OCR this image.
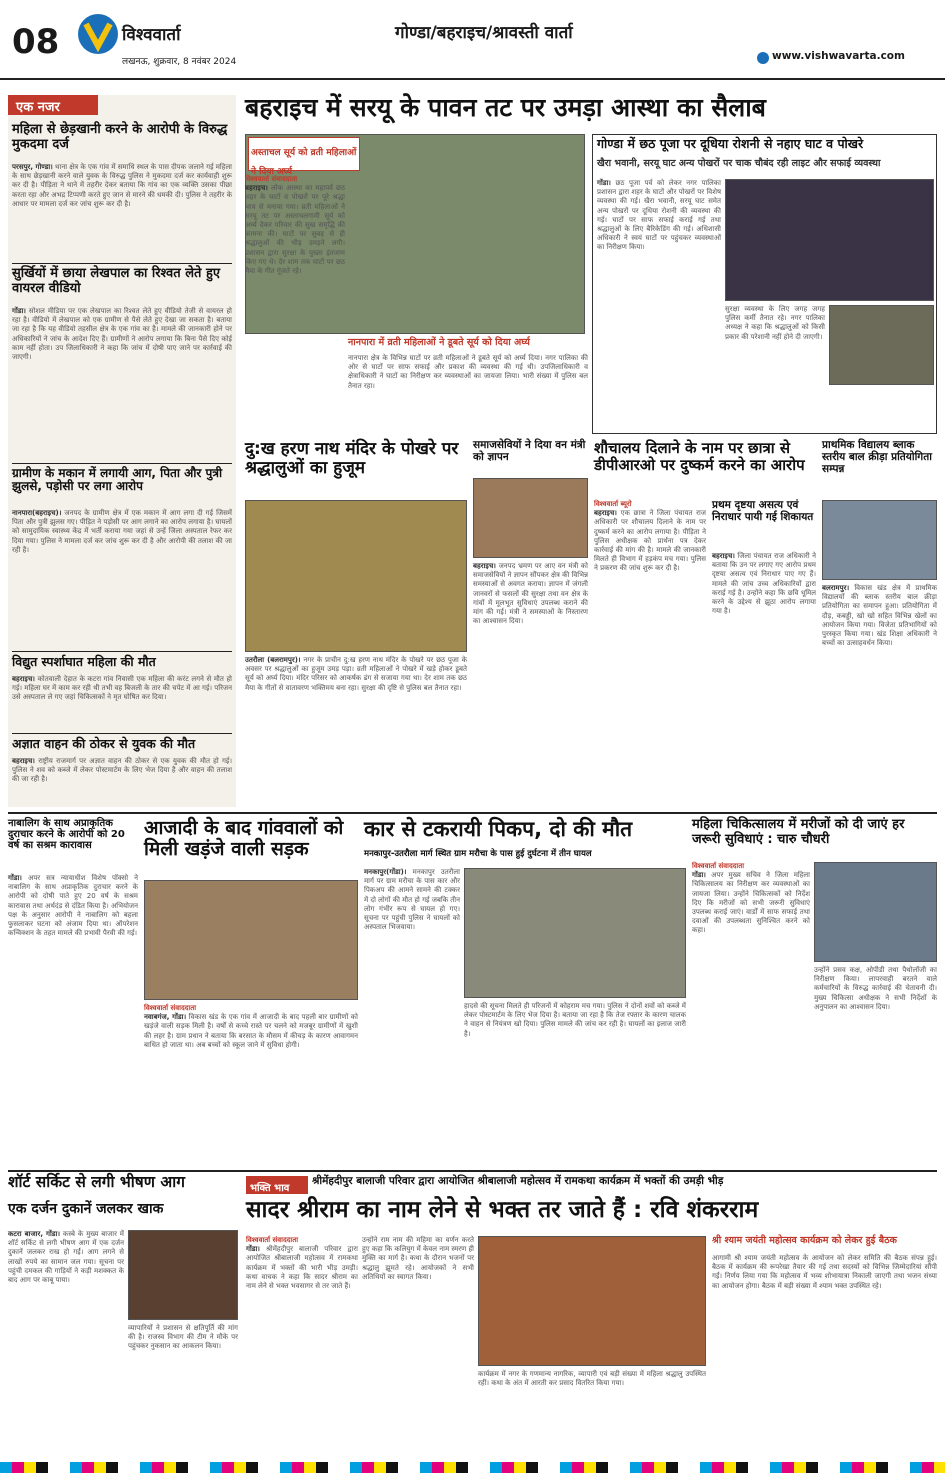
08	विश्ववार्ता
लखनऊ, शुक्रवार, 8 नवंबर 2024
गोण्डा/बहराइच/श्रावस्ती वार्ता
www.vishwavarta.com
एक नजर
महिला से छेड़खानी करने के आरोपी के विरुद्ध मुकदमा दर्ज
परसपुर, गोण्डा। थाना क्षेत्र के एक गांव में समाधि स्थल के पास दीपक जलाने गई महिला के साथ छेड़खानी करने वाले युवक के विरुद्ध पुलिस ने मुकदमा दर्ज कर कार्यवाही शुरू कर दी है। पीड़िता ने थाने में तहरीर देकर बताया कि गांव का एक व्यक्ति उसका पीछा करता रहा और अभद्र टिप्पणी करते हुए जान से मारने की धमकी दी। पुलिस ने तहरीर के आधार पर मामला दर्ज कर जांच शुरू कर दी है।
सुर्खियों में छाया लेखपाल का रिश्वत लेते हुए वायरल वीडियो
गोंडा। सोशल मीडिया पर एक लेखपाल का रिश्वत लेते हुए वीडियो तेजी से वायरल हो रहा है। वीडियो में लेखपाल को एक ग्रामीण से पैसे लेते हुए देखा जा सकता है। बताया जा रहा है कि यह वीडियो तहसील क्षेत्र के एक गांव का है। मामले की जानकारी होने पर अधिकारियों ने जांच के आदेश दिए हैं। ग्रामीणों ने आरोप लगाया कि बिना पैसे दिए कोई काम नहीं होता। उप जिलाधिकारी ने कहा कि जांच में दोषी पाए जाने पर कार्रवाई की जाएगी।
ग्रामीण के मकान में लगायी आग, पिता और पुत्री झुलसे, पड़ोसी पर लगा आरोप
नानपारा(बहराइच)। जनपद के ग्रामीण क्षेत्र में एक मकान में आग लगा दी गई जिसमें पिता और पुत्री झुलस गए। पीड़ित ने पड़ोसी पर आग लगाने का आरोप लगाया है। घायलों को सामुदायिक स्वास्थ्य केंद्र में भर्ती कराया गया जहां से उन्हें जिला अस्पताल रेफर कर दिया गया। पुलिस ने मामला दर्ज कर जांच शुरू कर दी है और आरोपी की तलाश की जा रही है।
विद्युत स्पर्शाघात महिला की मौत
बहराइच। कोतवाली देहात के कटरा गांव निवासी एक महिला की करंट लगने से मौत हो गई। महिला घर में काम कर रही थी तभी वह बिजली के तार की चपेट में आ गई। परिजन उसे अस्पताल ले गए जहां चिकित्सकों ने मृत घोषित कर दिया।
अज्ञात वाहन की ठोकर से युवक की मौत
बहराइच। राष्ट्रीय राजमार्ग पर अज्ञात वाहन की ठोकर से एक युवक की मौत हो गई। पुलिस ने शव को कब्जे में लेकर पोस्टमार्टम के लिए भेज दिया है और वाहन की तलाश की जा रही है।
बहराइच में सरयू के पावन तट पर उमड़ा आस्था का सैलाब
अस्ताचल सूर्य को व्रती महिलाओं ने दिया अर्घ्य
विश्ववार्ता संवाददाता
बहराइच। लोक आस्था का महापर्व छठ शहर के घाटों व पोखरों पर पूरे श्रद्धा भाव से मनाया गया। व्रती महिलाओं ने सरयू तट पर अस्ताचलगामी सूर्य को अर्घ्य देकर परिवार की सुख समृद्धि की कामना की। घाटों पर सुबह से ही श्रद्धालुओं की भीड़ उमड़ने लगी। प्रशासन द्वारा सुरक्षा के पुख्ता इंतजाम किए गए थे। देर शाम तक घाटों पर छठ मैया के गीत गूंजते रहे।
नानपारा में व्रती महिलाओं ने डूबते सूर्य को दिया अर्घ्य
नानपारा क्षेत्र के विभिन्न घाटों पर व्रती महिलाओं ने डूबते सूर्य को अर्घ्य दिया। नगर पालिका की ओर से घाटों पर साफ सफाई और प्रकाश की व्यवस्था की गई थी। उपजिलाधिकारी व क्षेत्राधिकारी ने घाटों का निरीक्षण कर व्यवस्थाओं का जायजा लिया। भारी संख्या में पुलिस बल तैनात रहा।
गोण्डा में छठ पूजा पर दूधिया रोशनी से नहाए घाट व पोखरे
खैरा भवानी, सरयू घाट अन्य पोखरों पर चाक चौबंद रही लाइट और सफाई व्यवस्था
गोंडा। छठ पूजा पर्व को लेकर नगर पालिका प्रशासन द्वारा शहर के घाटों और पोखरों पर विशेष व्यवस्था की गई। खैरा भवानी, सरयू घाट समेत अन्य पोखरों पर दूधिया रोशनी की व्यवस्था की गई। घाटों पर साफ सफाई कराई गई तथा श्रद्धालुओं के लिए बैरिकेडिंग की गई। अधिशासी अधिकारी ने स्वयं घाटों पर पहुंचकर व्यवस्थाओं का निरीक्षण किया।
सुरक्षा व्यवस्था के लिए जगह जगह पुलिस कर्मी तैनात रहे। नगर पालिका अध्यक्ष ने कहा कि श्रद्धालुओं को किसी प्रकार की परेशानी नहीं होने दी जाएगी।
दु:ख हरण नाथ मंदिर के पोखरे पर श्रद्धालुओं का हुजूम
उतरौला (बलरामपुर)। नगर के प्राचीन दु:ख हरण नाथ मंदिर के पोखरे पर छठ पूजा के अवसर पर श्रद्धालुओं का हुजूम उमड़ पड़ा। व्रती महिलाओं ने पोखरे में खड़े होकर डूबते सूर्य को अर्घ्य दिया। मंदिर परिसर को आकर्षक ढंग से सजाया गया था। देर शाम तक छठ मैया के गीतों से वातावरण भक्तिमय बना रहा। सुरक्षा की दृष्टि से पुलिस बल तैनात रहा।
समाजसेवियों ने दिया वन मंत्री को ज्ञापन
बहराइच। जनपद भ्रमण पर आए वन मंत्री को समाजसेवियों ने ज्ञापन सौंपकर क्षेत्र की विभिन्न समस्याओं से अवगत कराया। ज्ञापन में जंगली जानवरों से फसलों की सुरक्षा तथा वन क्षेत्र के गांवों में मूलभूत सुविधाएं उपलब्ध कराने की मांग की गई। मंत्री ने समस्याओं के निस्तारण का आश्वासन दिया।
शौचालय दिलाने के नाम पर छात्रा से डीपीआरओ पर दुष्कर्म करने का आरोप
विश्ववार्ता ब्यूरो
बहराइच। एक छात्रा ने जिला पंचायत राज अधिकारी पर शौचालय दिलाने के नाम पर दुष्कर्म करने का आरोप लगाया है। पीड़िता ने पुलिस अधीक्षक को प्रार्थना पत्र देकर कार्रवाई की मांग की है। मामले की जानकारी मिलते ही विभाग में हड़कंप मच गया। पुलिस ने प्रकरण की जांच शुरू कर दी है।
प्रथम दृष्टया असत्य एवं निराधार पायी गई शिकायत
बहराइच। जिला पंचायत राज अधिकारी ने बताया कि उन पर लगाए गए आरोप प्रथम दृष्टया असत्य एवं निराधार पाए गए हैं। मामले की जांच उच्च अधिकारियों द्वारा कराई गई है। उन्होंने कहा कि छवि धूमिल करने के उद्देश्य से झूठा आरोप लगाया गया है।
प्राथमिक विद्यालय ब्लाक स्तरीय बाल क्रीड़ा प्रतियोगिता सम्पन्न
बलरामपुर। विकास खंड क्षेत्र में प्राथमिक विद्यालयों की ब्लाक स्तरीय बाल क्रीड़ा प्रतियोगिता का समापन हुआ। प्रतियोगिता में दौड़, कबड्डी, खो खो सहित विभिन्न खेलों का आयोजन किया गया। विजेता प्रतिभागियों को पुरस्कृत किया गया। खंड शिक्षा अधिकारी ने बच्चों का उत्साहवर्धन किया।
नाबालिग के साथ अप्राकृतिक दुराचार करने के आरोपी को 20 वर्ष का सश्रम कारावास
गोंडा। अपर सत्र न्यायाधीश विशेष पॉक्सो ने नाबालिग के साथ अप्राकृतिक दुराचार करने के आरोपी को दोषी पाते हुए 20 वर्ष के सश्रम कारावास तथा अर्थदंड से दंडित किया है। अभियोजन पक्ष के अनुसार आरोपी ने नाबालिग को बहला फुसलाकर घटना को अंजाम दिया था। ऑपरेशन कन्विक्शन के तहत मामले की प्रभावी पैरवी की गई।
आजादी के बाद गांववालों को मिली खड़ंजे वाली सड़क
विश्ववार्ता संवाददाता
नवाबगंज, गोंडा। विकास खंड के एक गांव में आजादी के बाद पहली बार ग्रामीणों को खड़ंजे वाली सड़क मिली है। वर्षों से कच्चे रास्ते पर चलने को मजबूर ग्रामीणों में खुशी की लहर है। ग्राम प्रधान ने बताया कि बरसात के मौसम में कीचड़ के कारण आवागमन बाधित हो जाता था। अब बच्चों को स्कूल जाने में सुविधा होगी।
कार से टकरायी पिकप, दो की मौत
मनकापुर-उतरौला मार्ग स्थित ग्राम मरौचा के पास हुई दुर्घटना में तीन घायल
मनकापुर(गोंडा)। मनकापुर उतरौला मार्ग पर ग्राम मरौचा के पास कार और पिकअप की आमने सामने की टक्कर में दो लोगों की मौत हो गई जबकि तीन लोग गंभीर रूप से घायल हो गए। सूचना पर पहुंची पुलिस ने घायलों को अस्पताल भिजवाया।
हादसे की सूचना मिलते ही परिजनों में कोहराम मच गया। पुलिस ने दोनों शवों को कब्जे में लेकर पोस्टमार्टम के लिए भेज दिया है। बताया जा रहा है कि तेज रफ्तार के कारण चालक ने वाहन से नियंत्रण खो दिया। पुलिस मामले की जांच कर रही है। घायलों का इलाज जारी है।
महिला चिकित्सालय में मरीजों को दी जाएं हर जरूरी सुविधाएं : चारु चौधरी
विश्ववार्ता संवाददाता
गोंडा। अपर मुख्य सचिव ने जिला महिला चिकित्सालय का निरीक्षण कर व्यवस्थाओं का जायजा लिया। उन्होंने चिकित्सकों को निर्देश दिए कि मरीजों को सभी जरूरी सुविधाएं उपलब्ध कराई जाएं। वार्डों में साफ सफाई तथा दवाओं की उपलब्धता सुनिश्चित करने को कहा।
उन्होंने प्रसव कक्ष, ओपीडी तथा पैथोलॉजी का निरीक्षण किया। लापरवाही बरतने वाले कर्मचारियों के विरुद्ध कार्रवाई की चेतावनी दी। मुख्य चिकित्सा अधीक्षक ने सभी निर्देशों के अनुपालन का आश्वासन दिया।
शॉर्ट सर्किट से लगी भीषण आग
एक दर्जन दुकानें जलकर खाक
कटरा बाजार, गोंडा। कस्बे के मुख्य बाजार में शॉर्ट सर्किट से लगी भीषण आग में एक दर्जन दुकानें जलकर राख हो गईं। आग लगने से लाखों रुपये का सामान जल गया। सूचना पर पहुंची दमकल की गाड़ियों ने कड़ी मशक्कत के बाद आग पर काबू पाया।
व्यापारियों ने प्रशासन से क्षतिपूर्ति की मांग की है। राजस्व विभाग की टीम ने मौके पर पहुंचकर नुकसान का आकलन किया।
भक्ति भाव
श्रीमेंहदीपुर बालाजी परिवार द्वारा आयोजित श्रीबालाजी महोत्सव में रामकथा कार्यक्रम में भक्तों की उमड़ी भीड़
सादर श्रीराम का नाम लेने से भक्त तर जाते हैं : रवि शंकरराम
विश्ववार्ता संवाददाता
गोंडा। श्रीमेंहदीपुर बालाजी परिवार द्वारा आयोजित श्रीबालाजी महोत्सव में रामकथा कार्यक्रम में भक्तों की भारी भीड़ उमड़ी। कथा वाचक ने कहा कि सादर श्रीराम का नाम लेने से भक्त भवसागर से तर जाते हैं।
उन्होंने राम नाम की महिमा का वर्णन करते हुए कहा कि कलियुग में केवल नाम स्मरण ही मुक्ति का मार्ग है। कथा के दौरान भजनों पर श्रद्धालु झूमते रहे। आयोजकों ने सभी अतिथियों का स्वागत किया।
कार्यक्रम में नगर के गणमान्य नागरिक, व्यापारी एवं बड़ी संख्या में महिला श्रद्धालु उपस्थित रहीं। कथा के अंत में आरती कर प्रसाद वितरित किया गया।
श्री श्याम जयंती महोत्सव कार्यक्रम को लेकर हुई बैठक
आगामी श्री श्याम जयंती महोत्सव के आयोजन को लेकर समिति की बैठक संपन्न हुई। बैठक में कार्यक्रम की रूपरेखा तैयार की गई तथा सदस्यों को विभिन्न जिम्मेदारियां सौंपी गईं। निर्णय लिया गया कि महोत्सव में भव्य शोभायात्रा निकाली जाएगी तथा भजन संध्या का आयोजन होगा। बैठक में बड़ी संख्या में श्याम भक्त उपस्थित रहे।
